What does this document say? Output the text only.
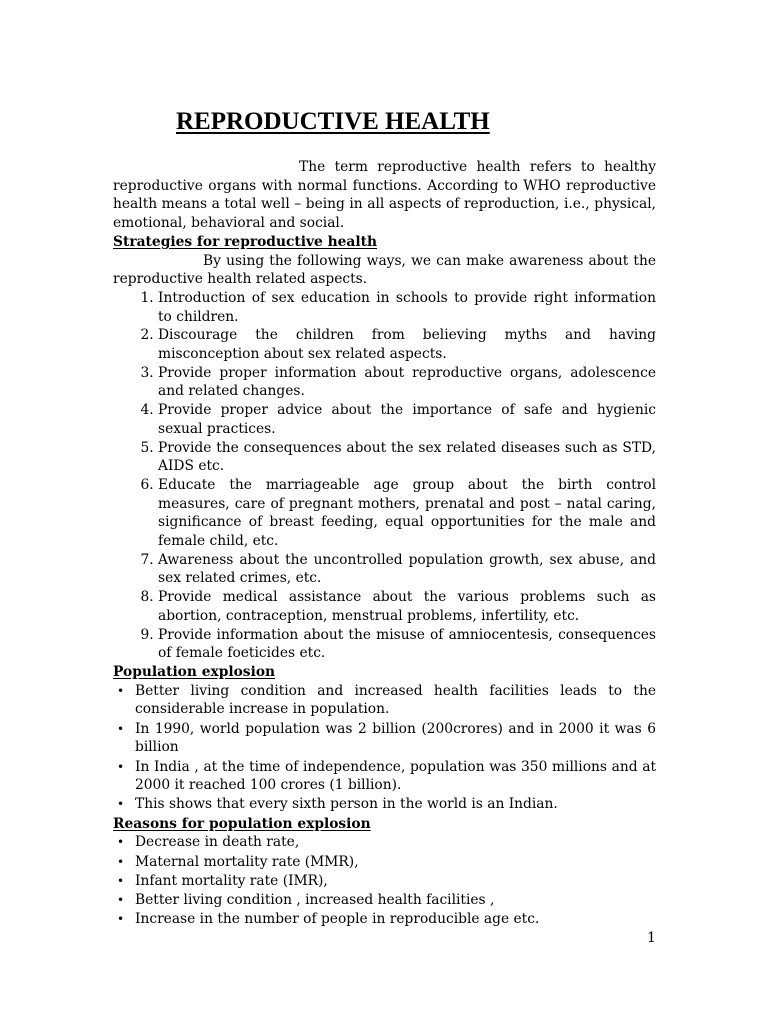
REPRODUCTIVE HEALTH

The term reproductive health refers to healthy reproductive organs with normal functions. According to WHO reproductive health means a total well – being in all aspects of reproduction, i.e., physical, emotional, behavioral and social.

Strategies for reproductive health

By using the following ways, we can make awareness about the reproductive health related aspects.

1. Introduction of sex education in schools to provide right information to children.
2. Discourage the children from believing myths and having misconception about sex related aspects.
3. Provide proper information about reproductive organs, adolescence and related changes.
4. Provide proper advice about the importance of safe and hygienic sexual practices.
5. Provide the consequences about the sex related diseases such as STD, AIDS etc.
6. Educate the marriageable age group about the birth control measures, care of pregnant mothers, prenatal and post – natal caring, significance of breast feeding, equal opportunities for the male and female child, etc.
7. Awareness about the uncontrolled population growth, sex abuse, and sex related crimes, etc.
8. Provide medical assistance about the various problems such as abortion, contraception, menstrual problems, infertility, etc.
9. Provide information about the misuse of amniocentesis, consequences of female foeticides etc.
Population explosion
• Better living condition and increased health facilities leads to the considerable increase in population.
• In 1990, world population was 2 billion (200crores) and in 2000 it was 6 billion
• In India , at the time of independence, population was 350 millions and at 2000 it reached 100 crores (1 billion).
• This shows that every sixth person in the world is an Indian.
Reasons for population explosion
• Decrease in death rate,
• Maternal mortality rate (MMR),
• Infant mortality rate (IMR),
• Better living condition , increased health facilities ,
• Increase in the number of people in reproducible age etc.
1
